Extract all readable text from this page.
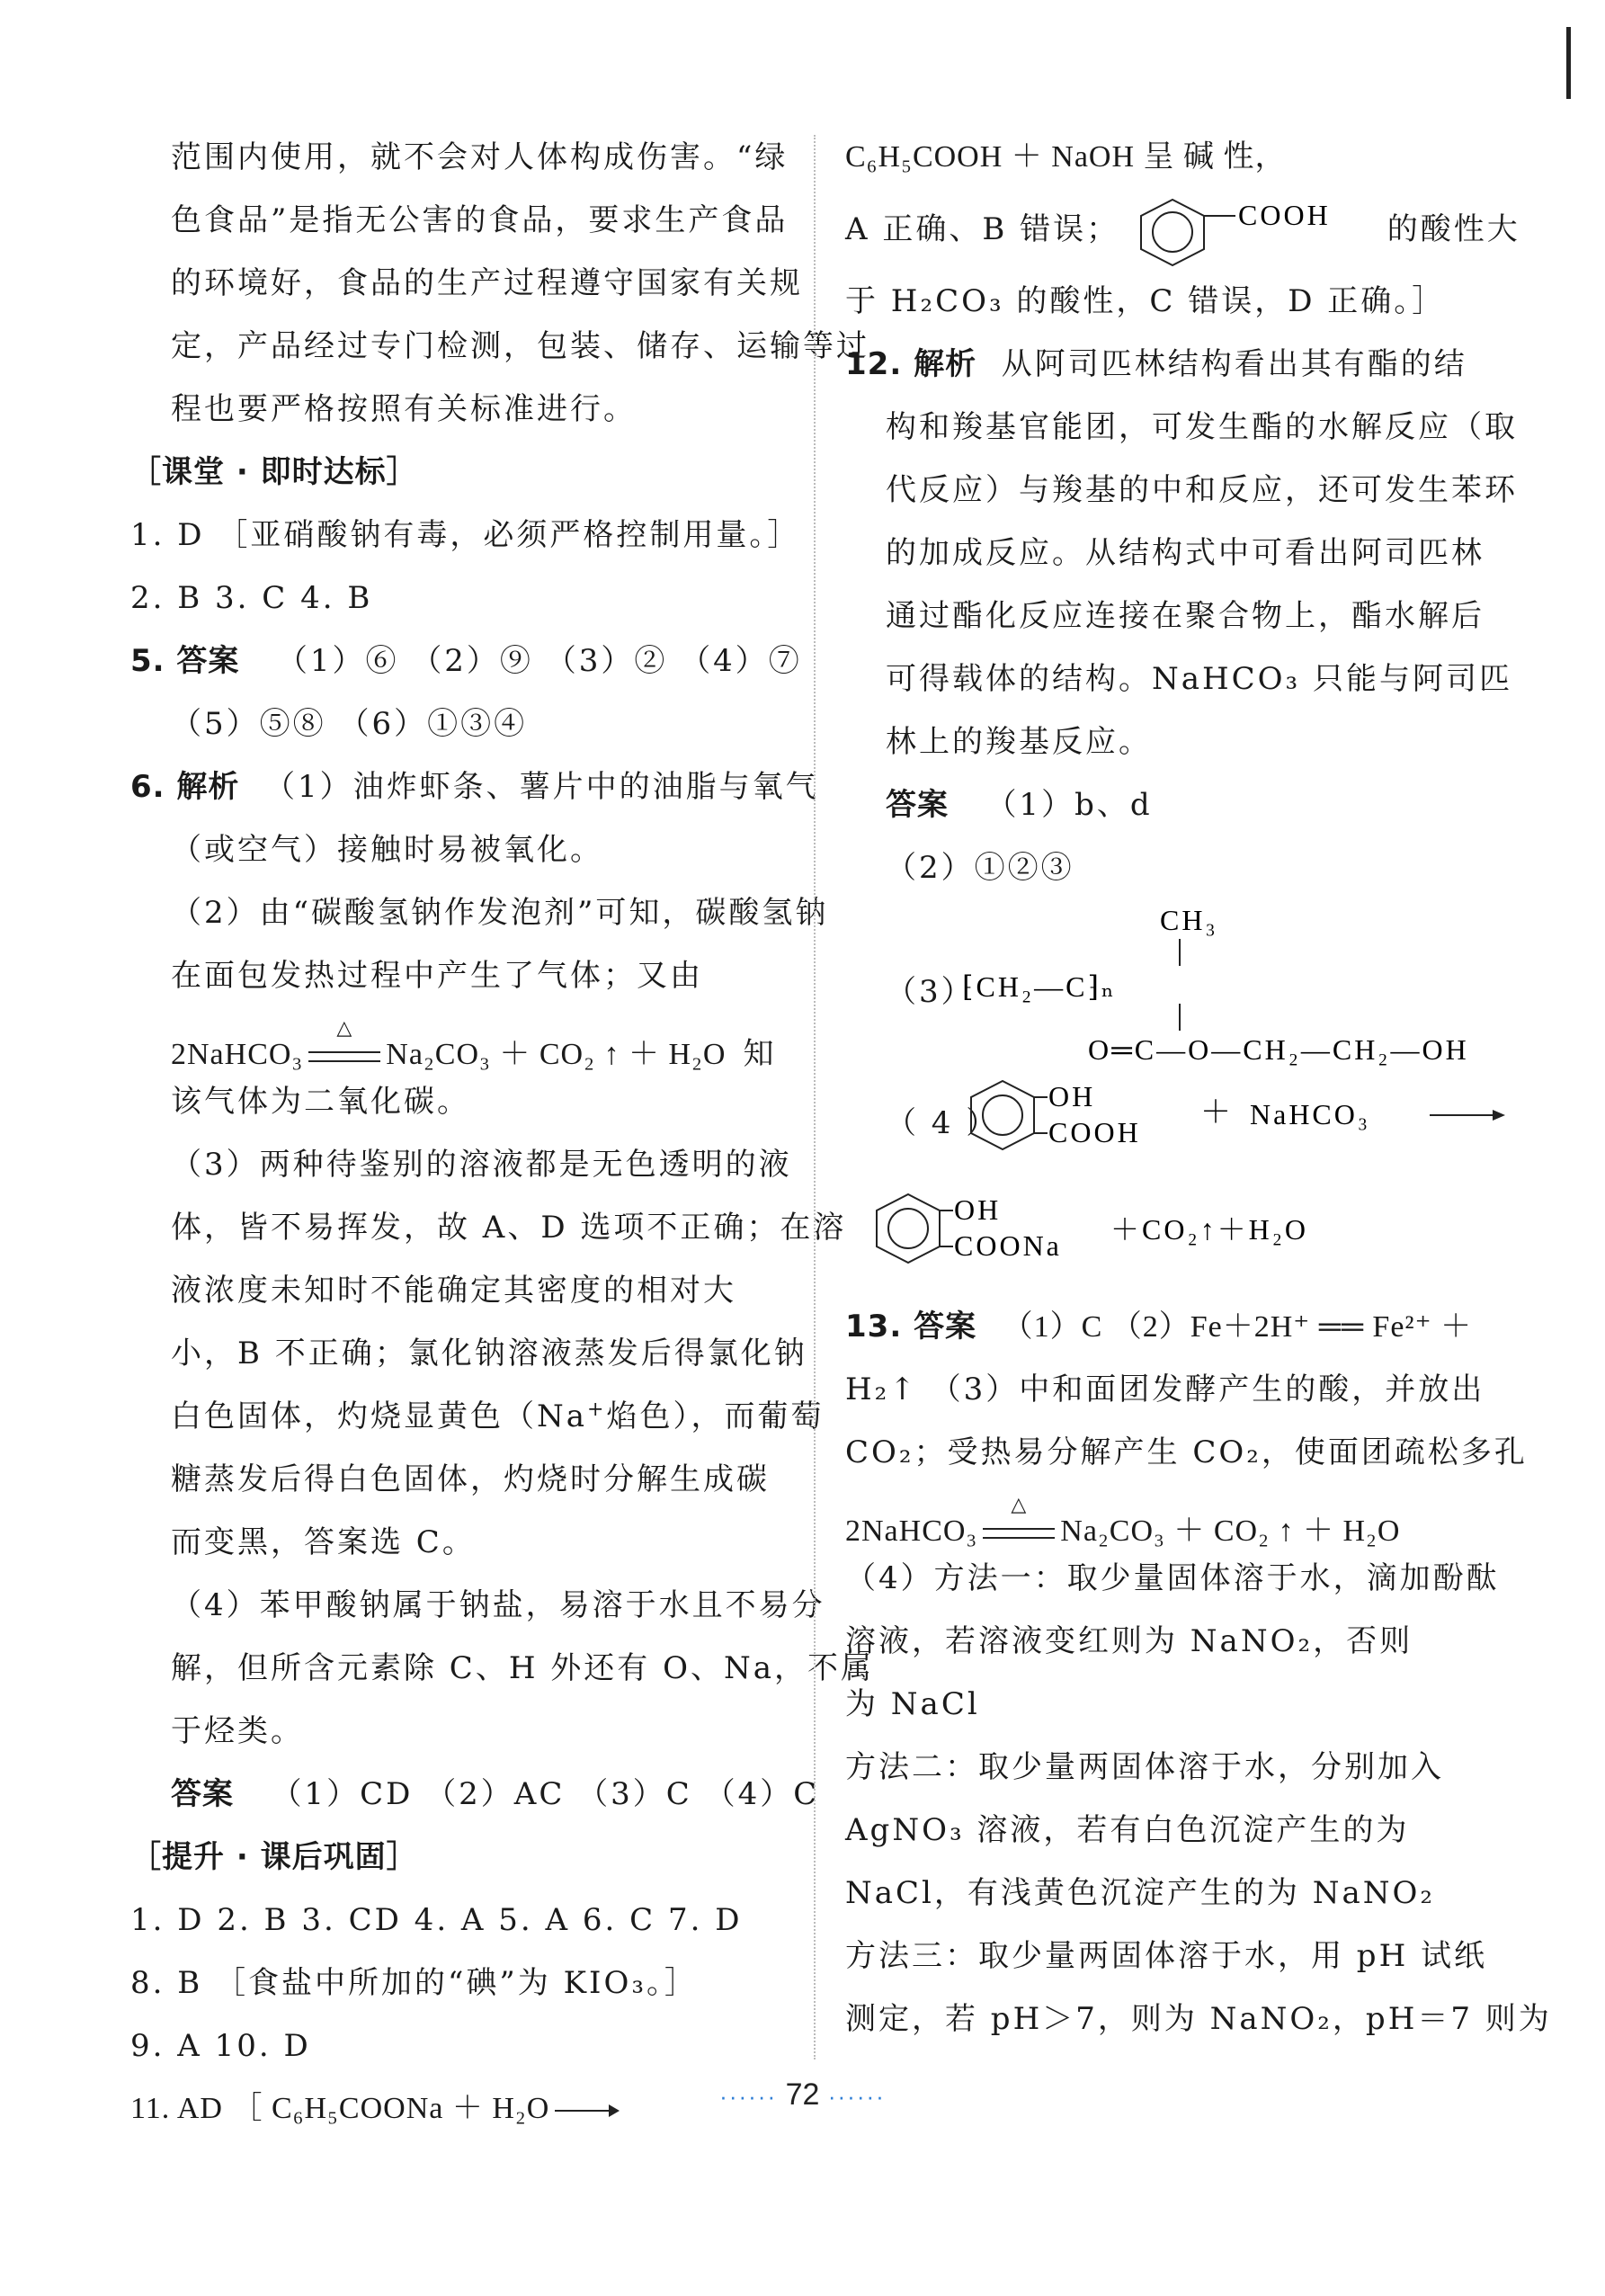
范围内使用，就不会对人体构成伤害。“绿
色食品”是指无公害的食品，要求生产食品
的环境好，食品的生产过程遵守国家有关规
定，产品经过专门检测，包装、储存、运输等过
程也要严格按照有关标准进行。
［课堂 · 即时达标］
1. D ［亚硝酸钠有毒，必须严格控制用量。］
2. B 3. C 4. B
5. 答案 （1）⑥ （2）⑨ （3）② （4）⑦
（5）⑤⑧ （6）①③④
6. 解析 （1）油炸虾条、薯片中的油脂与氧气
（或空气）接触时易被氧化。
（2）由“碳酸氢钠作发泡剂”可知，碳酸氢钠
在面包发热过程中产生了气体；又由
2NaHCO₃
△
Na₂CO₃ ＋ CO₂ ↑ ＋ H₂O 知
该气体为二氧化碳。
（3）两种待鉴别的溶液都是无色透明的液
体，皆不易挥发，故 A、D 选项不正确；在溶
液浓度未知时不能确定其密度的相对大
小，B 不正确；氯化钠溶液蒸发后得氯化钠
白色固体，灼烧显黄色（Na+焰色），而葡萄
糖蒸发后得白色固体，灼烧时分解生成碳
而变黑，答案选 C。
（4）苯甲酸钠属于钠盐，易溶于水且不易分
解，但所含元素除 C、H 外还有 O、Na，不属
于烃类。
答案 （1）CD （2）AC （3）C （4）C
［提升 · 课后巩固］
1. D 2. B 3. CD 4. A 5. A 6. C 7. D
8. B ［食盐中所加的“碘”为 KIO₃。］
9. A 10. D
11. AD ［ C₆H₅COONa ＋ H₂O →
C₆H₅COOH ＋ NaOH 呈 碱 性，
A 正确、B 错误；	COOH 的酸性大
于 H₂CO₃ 的酸性，C 错误，D 正确。］
12. 解析 从阿司匹林结构看出其有酯的结
构和羧基官能团，可发生酯的水解反应（取
代反应）与羧基的中和反应，还可发生苯环
的加成反应。从结构式中可看出阿司匹林
通过酯化反应连接在聚合物上，酯水解后
可得载体的结构。NaHCO₃ 只能与阿司匹
林上的羧基反应。
答案 （1）b、d
（2）①②③
（3）
CH₃
⁅CH₂—C⁆ₙ
O═C—O—CH₂—CH₂—OH
（ 4 ）
OH
COOH
＋ NaHCO₃
OH
COONa ＋CO₂↑＋H₂O
13. 答案 （1）C （2）Fe＋2H⁺ ══ Fe²⁺ ＋
H₂↑ （3）中和面团发酵产生的酸，并放出
CO₂；受热易分解产生 CO₂，使面团疏松多孔
2NaHCO₃
△
Na₂CO₃ ＋ CO₂ ↑ ＋ H₂O
（4）方法一：取少量固体溶于水，滴加酚酞
溶液，若溶液变红则为 NaNO₂，否则
为 NaCl
方法二：取少量两固体溶于水，分别加入
AgNO₃ 溶液，若有白色沉淀产生的为
NaCl，有浅黄色沉淀产生的为 NaNO₂
方法三：取少量两固体溶于水，用 pH 试纸
测定，若 pH＞7，则为 NaNO₂，pH＝7 则为
······ 72 ······
